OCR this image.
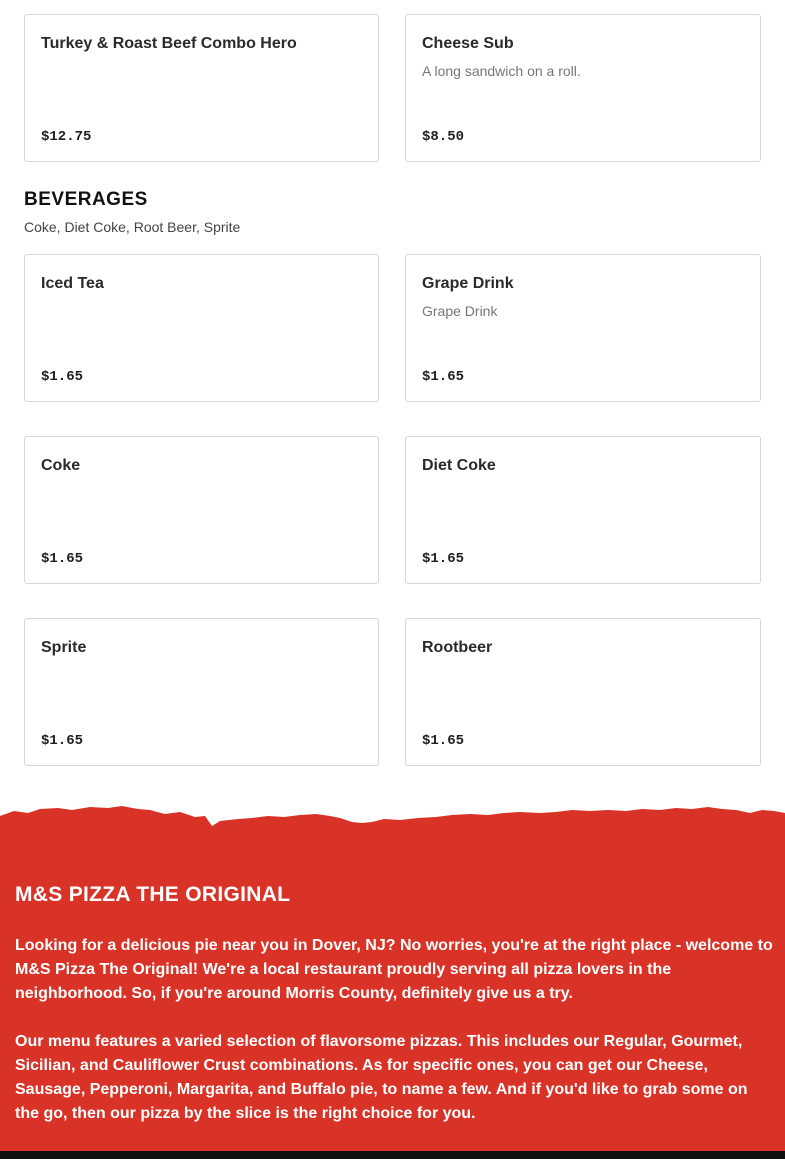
Turkey & Roast Beef Combo Hero
$12.75
Cheese Sub
A long sandwich on a roll.
$8.50
BEVERAGES
Coke, Diet Coke, Root Beer, Sprite
Iced Tea
$1.65
Grape Drink
Grape Drink
$1.65
Coke
$1.65
Diet Coke
$1.65
Sprite
$1.65
Rootbeer
$1.65
M&S PIZZA THE ORIGINAL

Looking for a delicious pie near you in Dover, NJ? No worries, you're at the right place - welcome to M&S Pizza The Original! We're a local restaurant proudly serving all pizza lovers in the neighborhood. So, if you're around Morris County, definitely give us a try.

Our menu features a varied selection of flavorsome pizzas. This includes our Regular, Gourmet, Sicilian, and Cauliflower Crust combinations. As for specific ones, you can get our Cheese, Sausage, Pepperoni, Margarita, and Buffalo pie, to name a few. And if you'd like to grab some on the go, then our pizza by the slice is the right choice for you.
